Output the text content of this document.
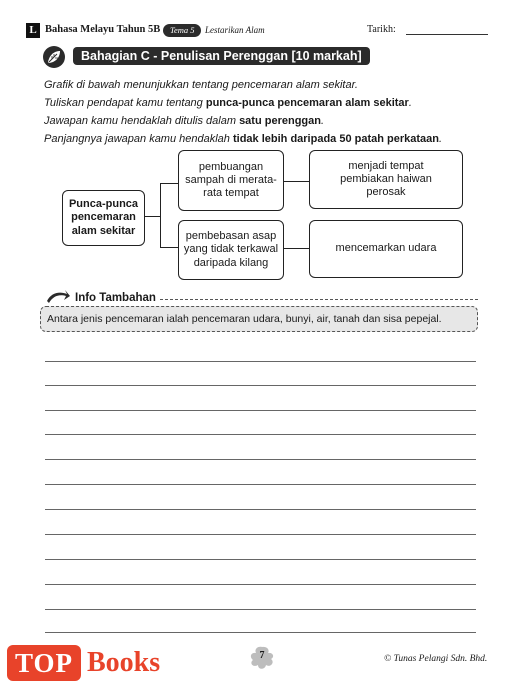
L Bahasa Melayu Tahun 5B	Tema 5	Lestarikan Alam	Tarikh:
Bahagian C - Penulisan Perenggan [10 markah]
Grafik di bawah menunjukkan tentang pencemaran alam sekitar.
Tuliskan pendapat kamu tentang punca-punca pencemaran alam sekitar.
Jawapan kamu hendaklah ditulis dalam satu perenggan.
Panjangnya jawapan kamu hendaklah tidak lebih daripada 50 patah perkataan.
Punca-punca pencemaran alam sekitar
pembuangan sampah di merata-rata tempat
menjadi tempat pembiakan haiwan perosak
pembebasan asap yang tidak terkawal daripada kilang
mencemarkan udara
Info Tambahan
Antara jenis pencemaran ialah pencemaran udara, bunyi, air, tanah dan sisa pepejal.
TOP Books	7	© Tunas Pelangi Sdn. Bhd.
